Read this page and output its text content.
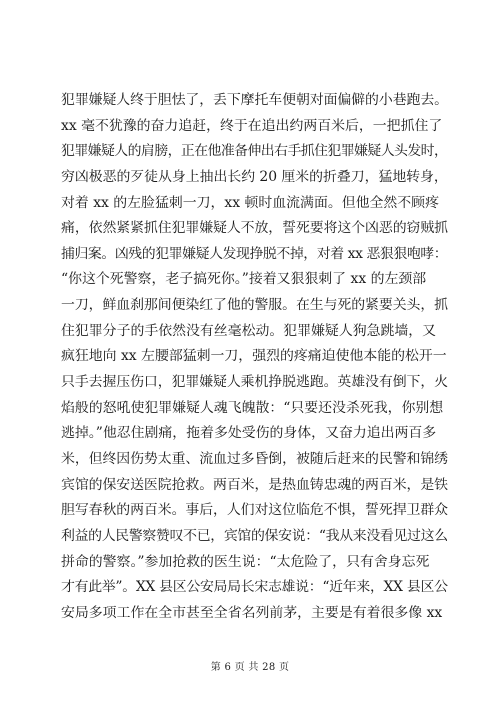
犯罪嫌疑人终于胆怯了，丢下摩托车便朝对面偏僻的小巷跑去。
xx 毫不犹豫的奋力追赶，终于在追出约两百米后，一把抓住了
犯罪嫌疑人的肩膀，正在他准备伸出右手抓住犯罪嫌疑人头发时，
穷凶极恶的歹徒从身上抽出长约 20 厘米的折叠刀，猛地转身，
对着 xx 的左脸猛刺一刀，xx 顿时血流满面。但他全然不顾疼
痛，依然紧紧抓住犯罪嫌疑人不放，誓死要将这个凶恶的窃贼抓
捕归案。凶残的犯罪嫌疑人发现挣脱不掉，对着 xx 恶狠狠咆哮：
“你这个死警察，老子搞死你。”接着又狠狠刺了 xx 的左颈部
一刀，鲜血刹那间便染红了他的警服。在生与死的紧要关头，抓
住犯罪分子的手依然没有丝毫松动。犯罪嫌疑人狗急跳墙，又
疯狂地向 xx 左腰部猛刺一刀，强烈的疼痛迫使他本能的松开一
只手去握压伤口，犯罪嫌疑人乘机挣脱逃跑。英雄没有倒下，火
焰般的怒吼使犯罪嫌疑人魂飞魄散：“只要还没杀死我，你别想
逃掉。”他忍住剧痛，拖着多处受伤的身体，又奋力追出两百多
米，但终因伤势太重、流血过多昏倒，被随后赶来的民警和锦绣
宾馆的保安送医院抢救。两百米，是热血铸忠魂的两百米，是铁
胆写春秋的两百米。事后，人们对这位临危不惧，誓死捍卫群众
利益的人民警察赞叹不已，宾馆的保安说：“我从来没看见过这么
拼命的警察。”参加抢救的医生说：“太危险了，只有舍身忘死
才有此举”。XX 县区公安局局长宋志雄说：“近年来，XX 县区公
安局多项工作在全市甚至全省名列前茅，主要是有着很多像 xx
第 6 页 共 28 页
